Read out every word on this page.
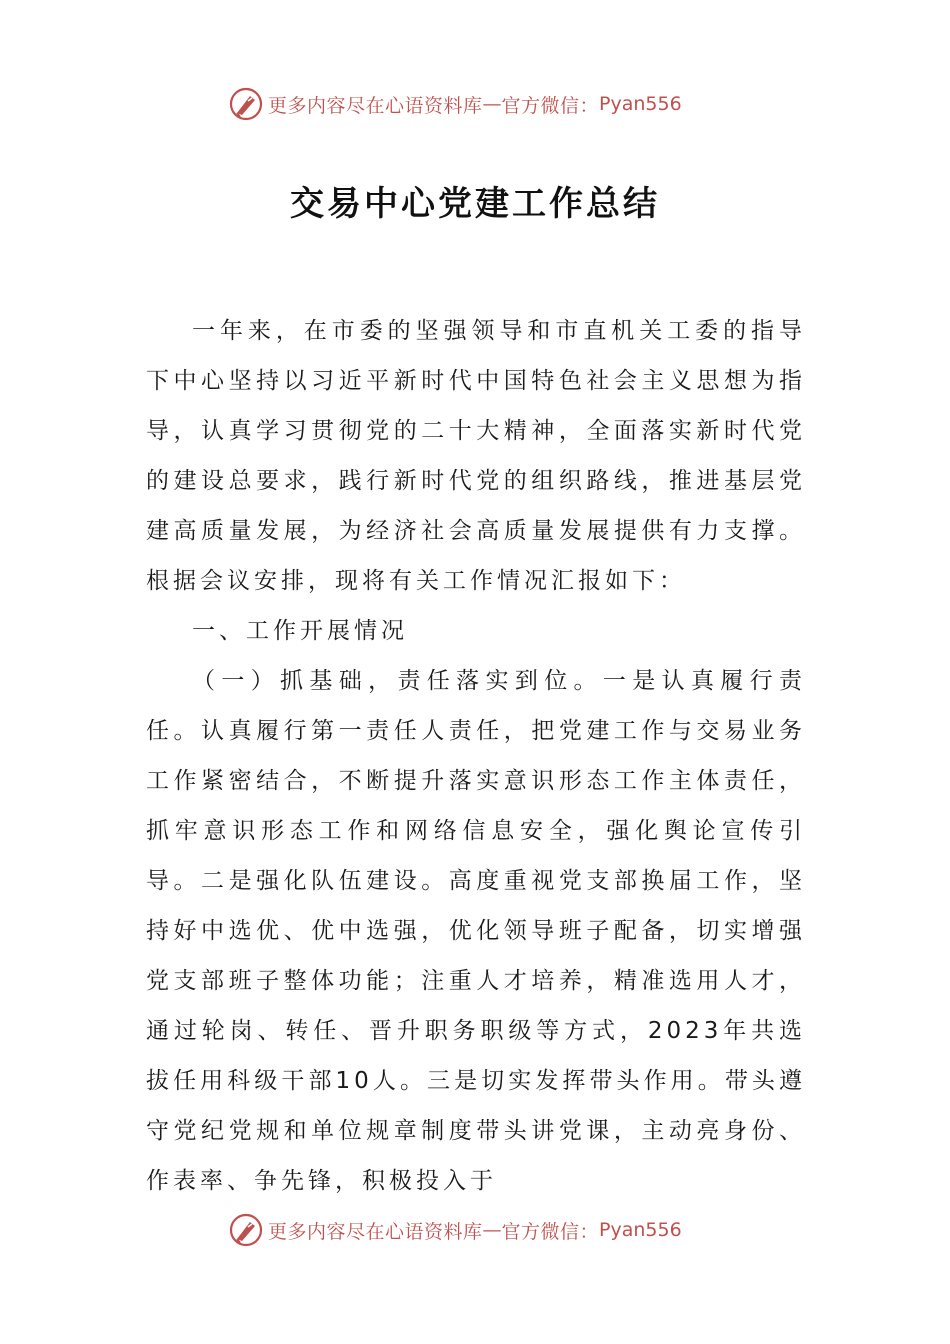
更多内容尽在心语资料库 — 官方微信： Pyan556
交易中心党建工作总结

一年来，在市委的坚强领导和市直机关工委的指导下中心坚持以习近平新时代中国特色社会主义思想为指导，认真学习贯彻党的二十大精神，全面落实新时代党的建设总要求，践行新时代党的组织路线，推进基层党建高质量发展，为经济社会高质量发展提供有力支撑。根据会议安排，现将有关工作情况汇报如下：

一、工作开展情况

（一）抓基础，责任落实到位。一是认真履行责任。认真履行第一责任人责任，把党建工作与交易业务工作紧密结合，不断提升落实意识形态工作主体责任，抓牢意识形态工作和网络信息安全，强化舆论宣传引导。二是强化队伍建设。高度重视党支部换届工作，坚持好中选优、优中选强，优化领导班子配备，切实增强党支部班子整体功能；注重人才培养，精准选用人才，通过轮岗、转任、晋升职务职级等方式，2023年共选拔任用科级干部10人。三是切实发挥带头作用。带头遵守党纪党规和单位规章制度带头讲党课，主动亮身份、作表率、争先锋，积极投入于

更多内容尽在心语资料库 — 官方微信： Pyan556
